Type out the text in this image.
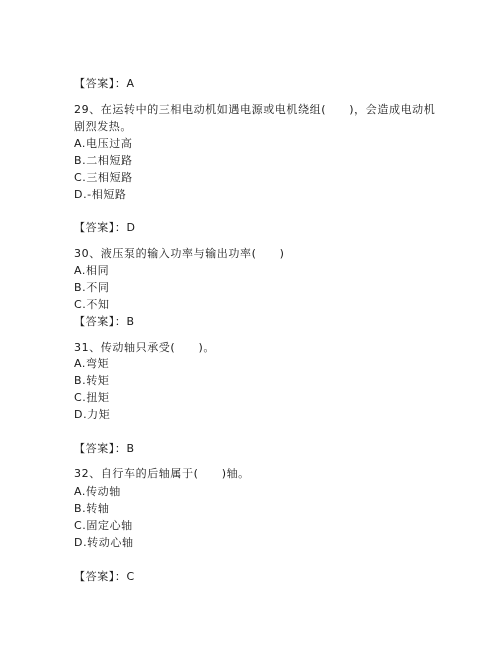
【答案】：A
29、在运转中的三相电动机如遇电源或电机绕组(　　)，会造成电动机
剧烈发热。
A.电压过高
B.二相短路
C.三相短路
D.-相短路
【答案】：D
30、液压泵的输入功率与输出功率(　　)
A.相同
B.不同
C.不知
【答案】：B
31、传动轴只承受(　　)。
A.弯矩
B.转矩
C.扭矩
D.力矩
【答案】：B
32、自行车的后轴属于(　　)轴。
A.传动轴
B.转轴
C.固定心轴
D.转动心轴
【答案】：C
